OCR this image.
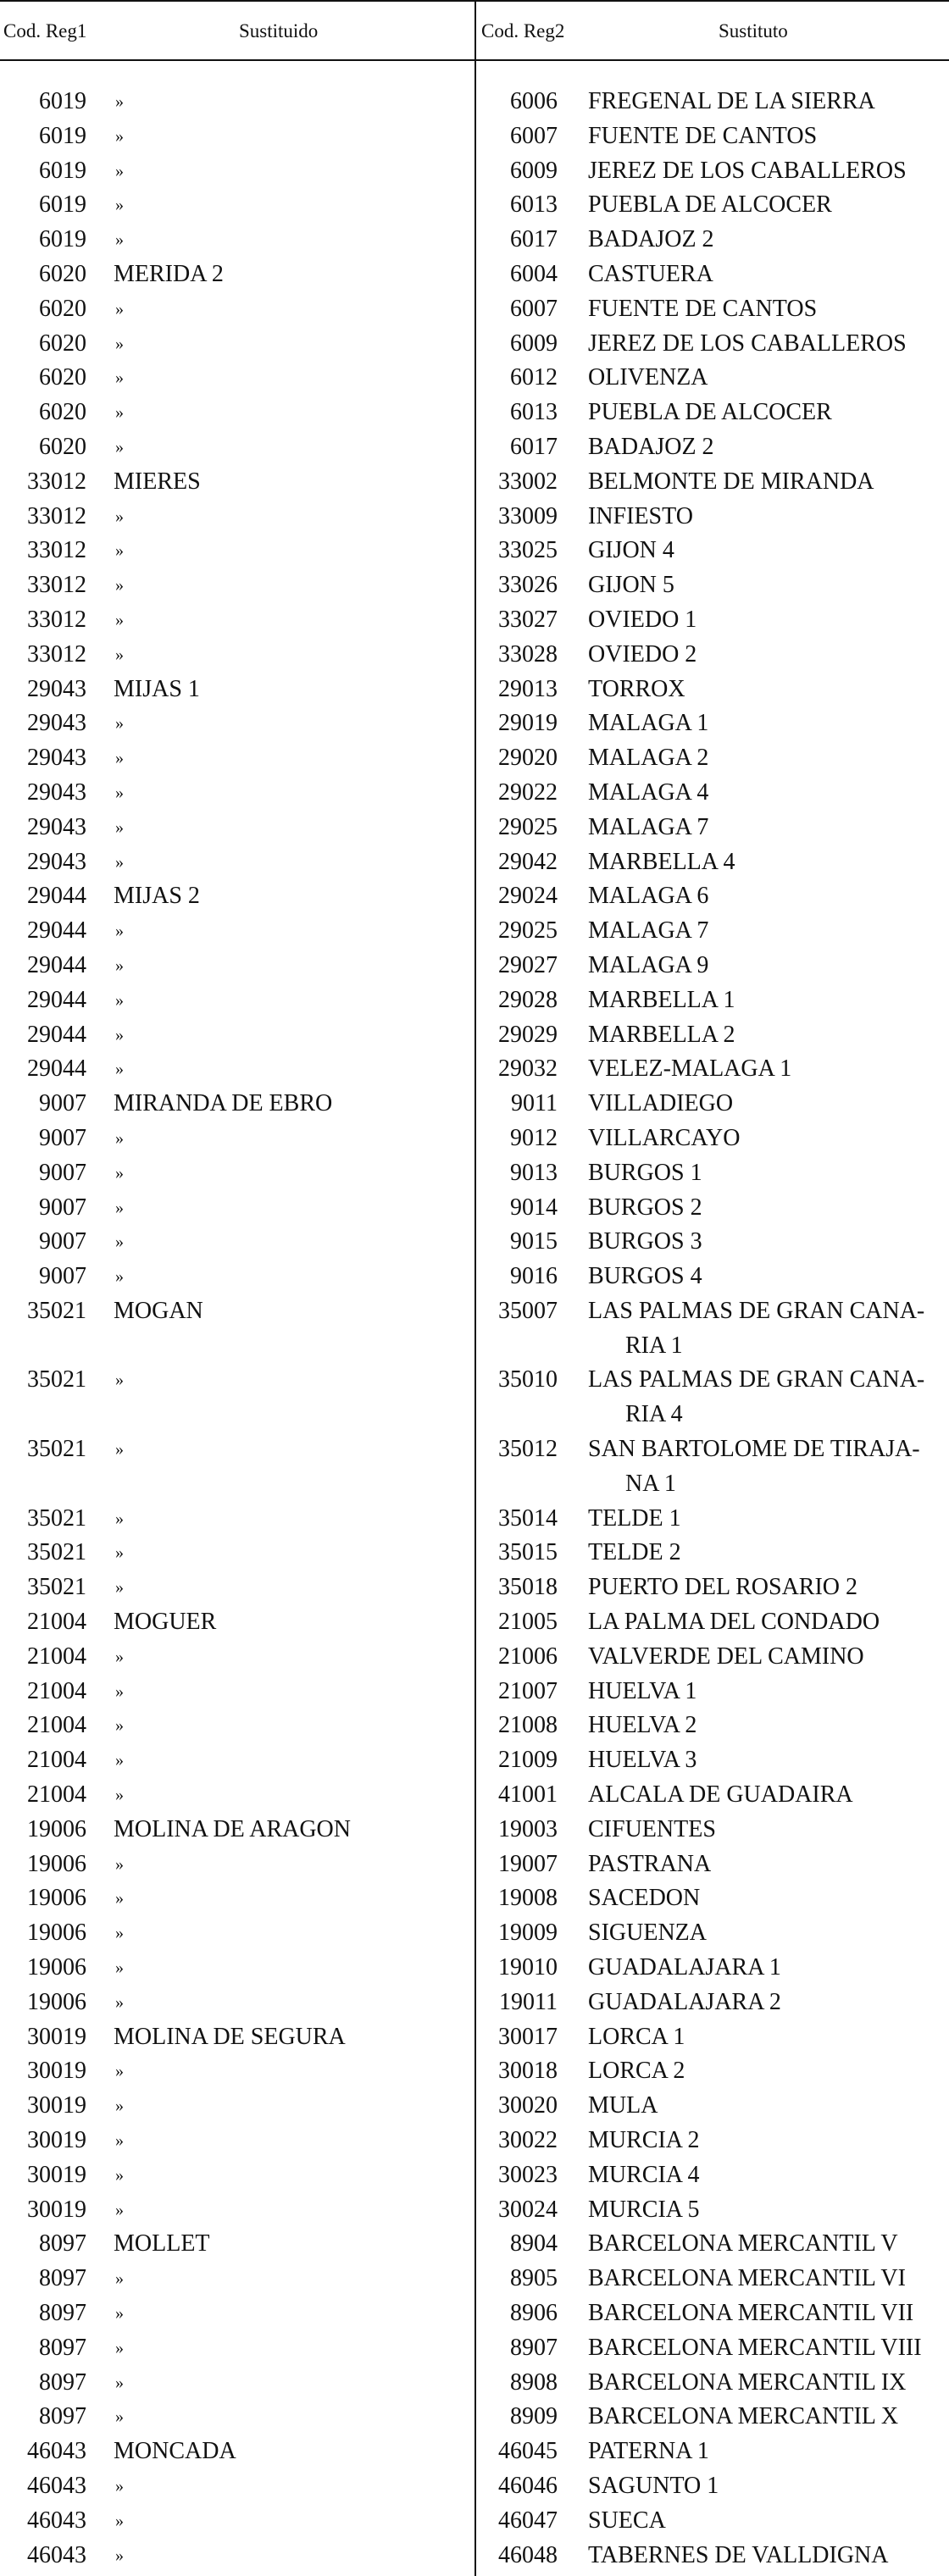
Cod. Reg1	Sustituido	Cod. Reg2	Sustituto
6019 »	6006 FREGENAL DE LA SIERRA
6019 »	6007 FUENTE DE CANTOS
6019 »	6009 JEREZ DE LOS CABALLEROS
6019 »	6013 PUEBLA DE ALCOCER
6019 »	6017 BADAJOZ 2
6020 MERIDA 2	6004 CASTUERA
6020 »	6007 FUENTE DE CANTOS
6020 »	6009 JEREZ DE LOS CABALLEROS
6020 »	6012 OLIVENZA
6020 »	6013 PUEBLA DE ALCOCER
6020 »	6017 BADAJOZ 2
33012 MIERES	33002 BELMONTE DE MIRANDA
33012 »	33009 INFIESTO
33012 »	33025 GIJON 4
33012 »	33026 GIJON 5
33012 »	33027 OVIEDO 1
33012 »	33028 OVIEDO 2
29043 MIJAS 1	29013 TORROX
29043 »	29019 MALAGA 1
29043 »	29020 MALAGA 2
29043 »	29022 MALAGA 4
29043 »	29025 MALAGA 7
29043 »	29042 MARBELLA 4
29044 MIJAS 2	29024 MALAGA 6
29044 »	29025 MALAGA 7
29044 »	29027 MALAGA 9
29044 »	29028 MARBELLA 1
29044 »	29029 MARBELLA 2
29044 »	29032 VELEZ-MALAGA 1
9007 MIRANDA DE EBRO	9011 VILLADIEGO
9007 »	9012 VILLARCAYO
9007 »	9013 BURGOS 1
9007 »	9014 BURGOS 2
9007 »	9015 BURGOS 3
9007 »	9016 BURGOS 4
35021 MOGAN	35007 LAS PALMAS DE GRAN CANA-
RIA 1
35021 »	35010 LAS PALMAS DE GRAN CANA-
RIA 4
35021 »	35012 SAN BARTOLOME DE TIRAJA-
NA 1
35021 »	35014 TELDE 1
35021 »	35015 TELDE 2
35021 »	35018 PUERTO DEL ROSARIO 2
21004 MOGUER	21005 LA PALMA DEL CONDADO
21004 »	21006 VALVERDE DEL CAMINO
21004 »	21007 HUELVA 1
21004 »	21008 HUELVA 2
21004 »	21009 HUELVA 3
21004 »	41001 ALCALA DE GUADAIRA
19006 MOLINA DE ARAGON	19003 CIFUENTES
19006 »	19007 PASTRANA
19006 »	19008 SACEDON
19006 »	19009 SIGUENZA
19006 »	19010 GUADALAJARA 1
19006 »	19011 GUADALAJARA 2
30019 MOLINA DE SEGURA	30017 LORCA 1
30019 »	30018 LORCA 2
30019 »	30020 MULA
30019 »	30022 MURCIA 2
30019 »	30023 MURCIA 4
30019 »	30024 MURCIA 5
8097 MOLLET	8904 BARCELONA MERCANTIL V
8097 »	8905 BARCELONA MERCANTIL VI
8097 »	8906 BARCELONA MERCANTIL VII
8097 »	8907 BARCELONA MERCANTIL VIII
8097 »	8908 BARCELONA MERCANTIL IX
8097 »	8909 BARCELONA MERCANTIL X
46043 MONCADA	46045 PATERNA 1
46043 »	46046 SAGUNTO 1
46043 »	46047 SUECA
46043 »	46048 TABERNES DE VALLDIGNA
